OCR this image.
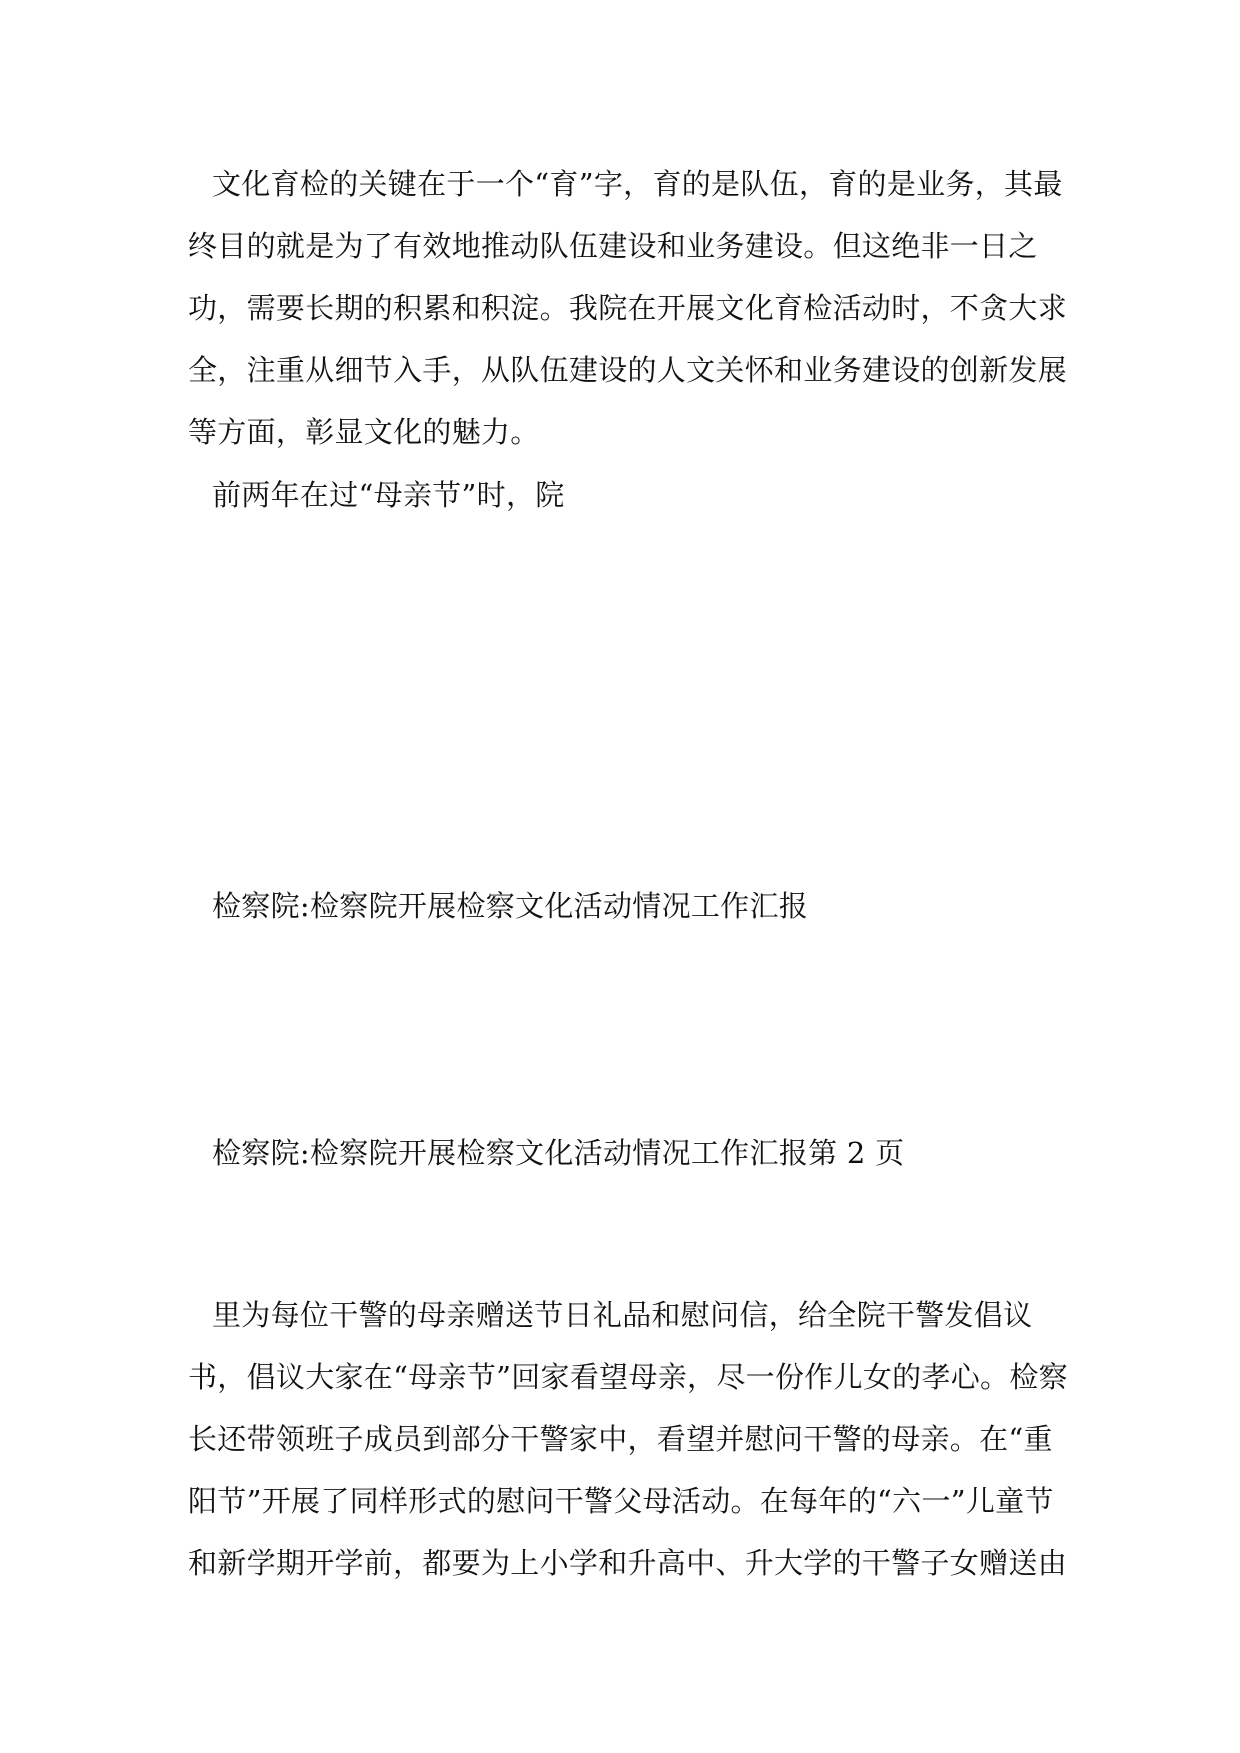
文化育检的关键在于一个“育”字，育的是队伍，育的是业务，其最
终目的就是为了有效地推动队伍建设和业务建设。但这绝非一日之
功，需要长期的积累和积淀。我院在开展文化育检活动时，不贪大求
全，注重从细节入手，从队伍建设的人文关怀和业务建设的创新发展
等方面，彰显文化的魅力。
前两年在过“母亲节”时，院
检察院:检察院开展检察文化活动情况工作汇报
检察院:检察院开展检察文化活动情况工作汇报第 2 页
里为每位干警的母亲赠送节日礼品和慰问信，给全院干警发倡议
书，倡议大家在“母亲节”回家看望母亲，尽一份作儿女的孝心。检察
长还带领班子成员到部分干警家中，看望并慰问干警的母亲。在“重
阳节”开展了同样形式的慰问干警父母活动。在每年的“六一”儿童节
和新学期开学前，都要为上小学和升高中、升大学的干警子女赠送由
